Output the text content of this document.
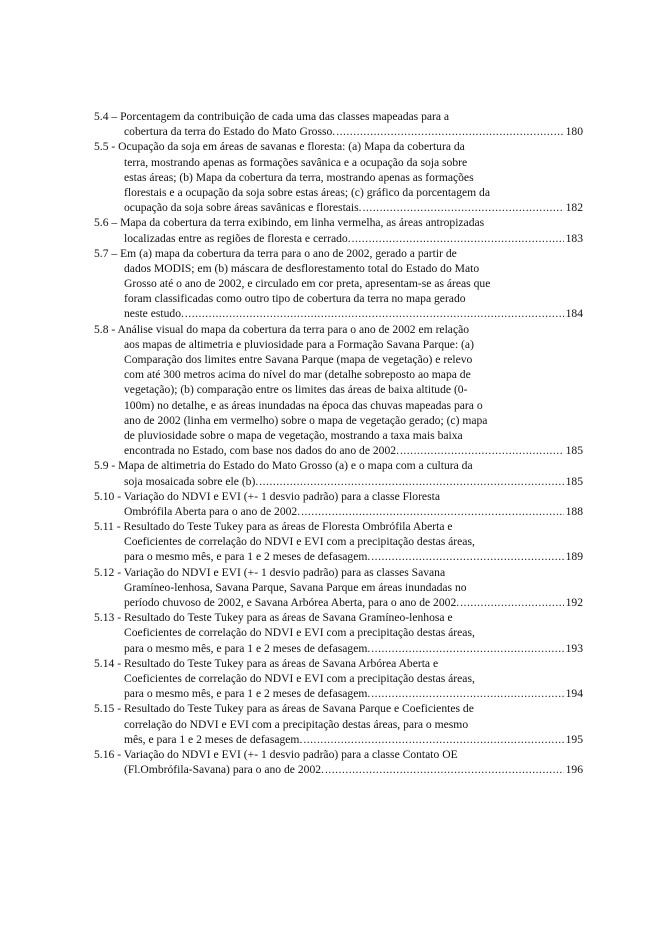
5.4 – Porcentagem da contribuição de cada uma das classes mapeadas para a
cobertura da terra do Estado do Mato Grosso. .....	180
5.5 - Ocupação da soja em áreas de savanas e floresta: (a) Mapa da cobertura da
terra, mostrando apenas as formações savânica e a ocupação da soja sobre
estas áreas; (b) Mapa da cobertura da terra, mostrando apenas as formações
florestais e a ocupação da soja sobre estas áreas; (c) gráfico da porcentagem da
ocupação da soja sobre áreas savânicas e florestais. .....	182
5.6 – Mapa da cobertura da terra exibindo, em linha vermelha, as áreas antropizadas
localizadas entre as regiões de floresta e cerrado. .....	183
5.7 – Em (a) mapa da cobertura da terra para o ano de 2002, gerado a partir de
dados MODIS; em (b) máscara de desflorestamento total do Estado do Mato
Grosso até o ano de 2002, e circulado em cor preta, apresentam-se as áreas que
foram classificadas como outro tipo de cobertura da terra no mapa gerado
neste estudo. .....	184
5.8 - Análise visual do mapa da cobertura da terra para o ano de 2002 em relação
aos mapas de altimetria e pluviosidade para a Formação Savana Parque: (a)
Comparação dos limites entre Savana Parque (mapa de vegetação) e relevo
com até 300 metros acima do nível do mar (detalhe sobreposto ao mapa de
vegetação); (b) comparação entre os limites das áreas de baixa altitude (0-
100m) no detalhe, e as áreas inundadas na época das chuvas mapeadas para o
ano de 2002 (linha em vermelho) sobre o mapa de vegetação gerado; (c) mapa
de pluviosidade sobre o mapa de vegetação, mostrando a taxa mais baixa
encontrada no Estado, com base nos dados do ano de 2002. .....	185
5.9 - Mapa de altimetria do Estado do Mato Grosso (a) e o mapa com a cultura da
soja mosaicada sobre ele (b). .....	185
5.10 - Variação do NDVI e EVI (+- 1 desvio padrão) para a classe Floresta
Ombrófila Aberta para o ano de 2002. .....	188
5.11 - Resultado do Teste Tukey para as áreas de Floresta Ombrófila Aberta e
Coeficientes de correlação do NDVI e EVI com a precipitação destas áreas,
para o mesmo mês, e para 1 e 2 meses de defasagem. .....	189
5.12 - Variação do NDVI e EVI (+- 1 desvio padrão) para as classes Savana
Gramíneo-lenhosa, Savana Parque, Savana Parque em áreas inundadas no
período chuvoso de 2002, e Savana Arbórea Aberta, para o ano de 2002. .....	192
5.13 - Resultado do Teste Tukey para as áreas de Savana Gramíneo-lenhosa e
Coeficientes de correlação do NDVI e EVI com a precipitação destas áreas,
para o mesmo mês, e para 1 e 2 meses de defasagem. .....	193
5.14 - Resultado do Teste Tukey para as áreas de Savana Arbórea Aberta e
Coeficientes de correlação do NDVI e EVI com a precipitação destas áreas,
para o mesmo mês, e para 1 e 2 meses de defasagem. .....	194
5.15 - Resultado do Teste Tukey para as áreas de Savana Parque e Coeficientes de
correlação do NDVI e EVI com a precipitação destas áreas, para o mesmo
mês, e para 1 e 2 meses de defasagem. .....	195
5.16 - Variação do NDVI e EVI (+- 1 desvio padrão) para a classe Contato OE
(Fl.Ombrófila-Savana) para o ano de 2002. .....	196
